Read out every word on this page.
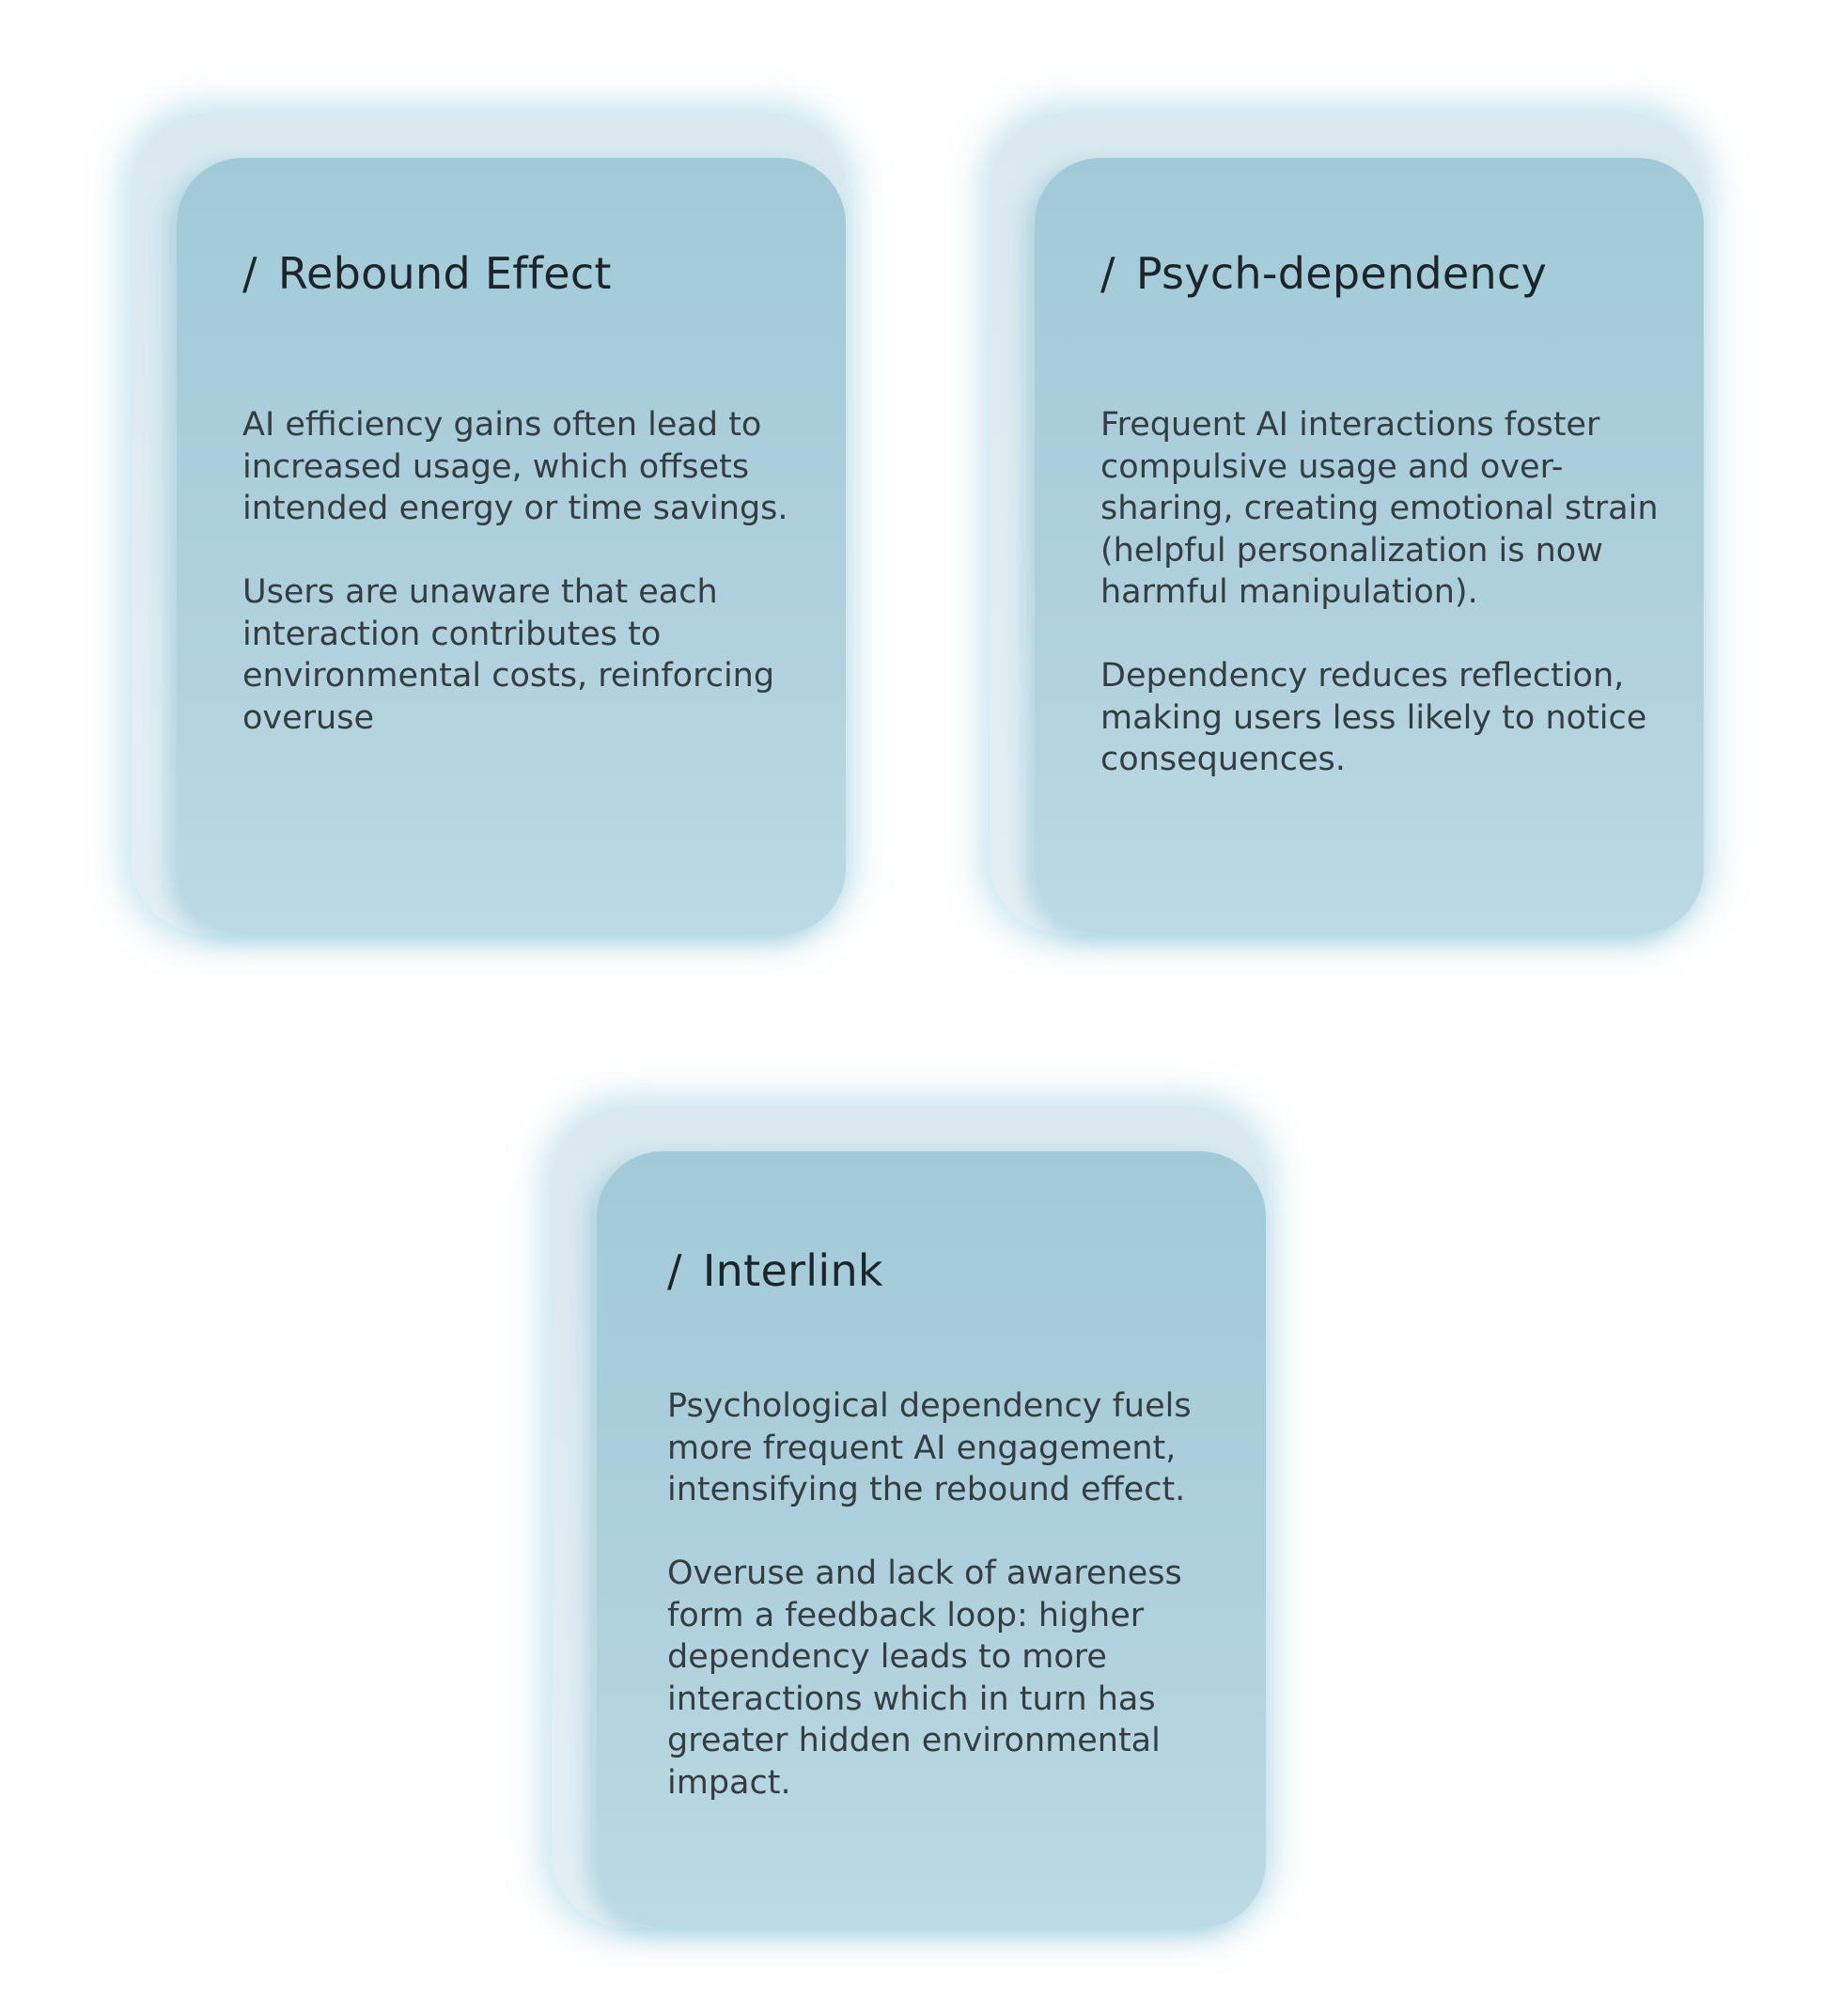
/ Rebound Effect

AI efficiency gains often lead to increased usage, which offsets intended energy or time savings.

Users are unaware that each interaction contributes to environmental costs, reinforcing overuse

/ Psych-dependency

Frequent AI interactions foster compulsive usage and over-sharing, creating emotional strain (helpful personalization is now harmful manipulation).

Dependency reduces reflection, making users less likely to notice consequences.

/ Interlink

Psychological dependency fuels more frequent AI engagement, intensifying the rebound effect.

Overuse and lack of awareness form a feedback loop: higher dependency leads to more interactions which in turn has greater hidden environmental impact.
